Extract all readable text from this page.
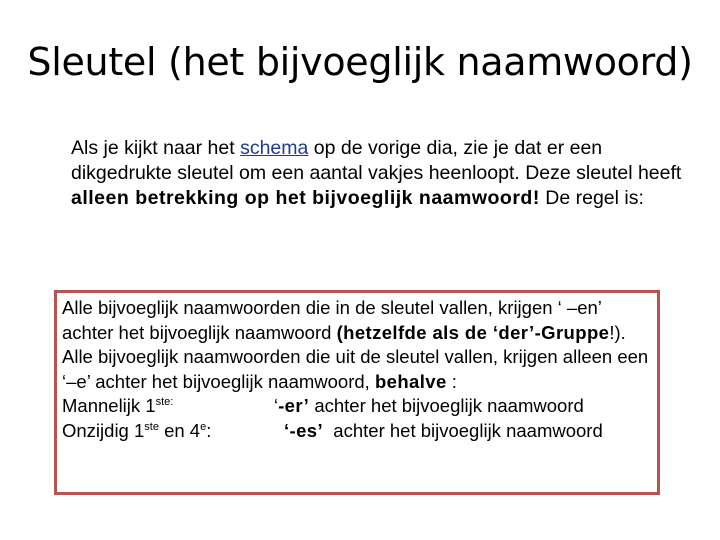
Sleutel (het bijvoeglijk naamwoord)
Als je kijkt naar het schema op de vorige dia, zie je dat er een dikgedrukte sleutel om een aantal vakjes heenloopt. Deze sleutel heeft alleen betrekking op het bijvoeglijk naamwoord! De regel is:

Alle bijvoeglijk naamwoorden die in de sleutel vallen, krijgen ‘ –en’ achter het bijvoeglijk naamwoord (hetzelfde als de ‘der’-Gruppe!). Alle bijvoeglijk naamwoorden die uit de sleutel vallen, krijgen alleen een ‘–e’ achter het bijvoeglijk naamwoord, behalve :

Mannelijk $1^{ste:}$	‘-er’ achter het bijvoeglijk naamwoord
Onzijdig 1ste en 4e:	‘-es’  achter het bijvoeglijk naamwoord
